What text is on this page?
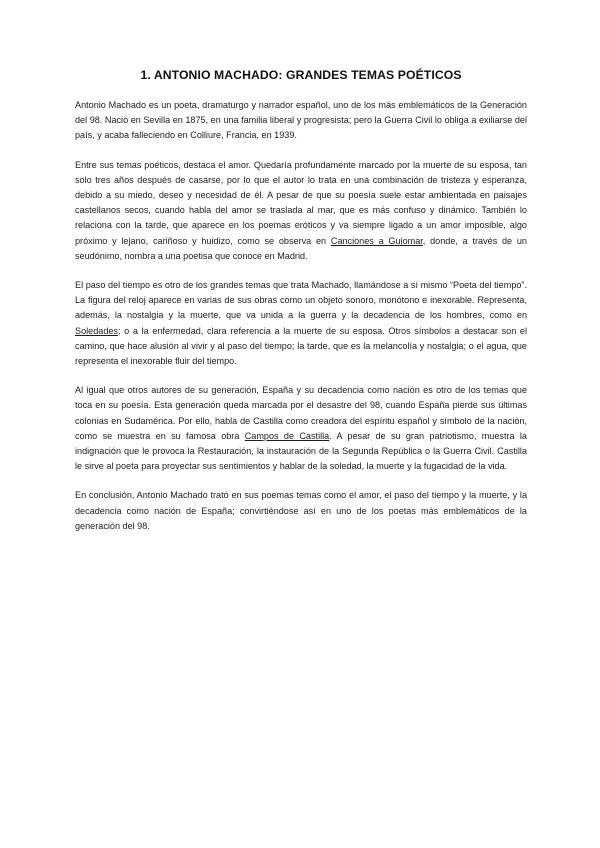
1. ANTONIO MACHADO: GRANDES TEMAS POÉTICOS

Antonio Machado es un poeta, dramaturgo y narrador español, uno de los más emblemáticos de la Generación del 98. Nació en Sevilla en 1875, en una familia liberal y progresista; pero la Guerra Civil lo obliga a exiliarse del país, y acaba falleciendo en Colliure, Francia, en 1939.

Entre sus temas poéticos, destaca el amor. Quedaría profundamente marcado por la muerte de su esposa, tan solo tres años después de casarse, por lo que el autor lo trata en una combinación de tristeza y esperanza, debido a su miedo, deseo y necesidad de él. A pesar de que su poesía suele estar ambientada en paisajes castellanos secos, cuando habla del amor se traslada al mar, que es más confuso y dinámico. También lo relaciona con la tarde, que aparece en los poemas eróticos y va siempre ligado a un amor imposible, algo próximo y lejano, cariñoso y huidizo, como se observa en Canciones a Guiomar, donde, a través de un seudónimo, nombra a una poetisa que conoce en Madrid.

El paso del tiempo es otro de los grandes temas que trata Machado, llamándose a sí mismo “Poeta del tiempo”. La figura del reloj aparece en varias de sus obras como un objeto sonoro, monótono e inexorable. Representa, además, la nostalgia y la muerte, que va unida a la guerra y la decadencia de los hombres, como en Soledades; o a la enfermedad, clara referencia a la muerte de su esposa. Otros símbolos a destacar son el camino, que hace alusión al vivir y al paso del tiempo; la tarde, que es la melancolía y nostalgia; o el agua, que representa el inexorable fluir del tiempo.

Al igual que otros autores de su generación, España y su decadencia como nación es otro de los temas que toca en su poesía. Esta generación queda marcada por el desastre del 98, cuando España pierde sus últimas colonias en Sudamérica. Por ello, habla de Castilla como creadora del espíritu español y símbolo de la nación, como se muestra en su famosa obra Campos de Castilla. A pesar de su gran patriotismo, muestra la indignación que le provoca la Restauración, la instauración de la Segunda República o la Guerra Civil. Castilla le sirve al poeta para proyectar sus sentimientos y hablar de la soledad, la muerte y la fugacidad de la vida.

En conclusión, Antonio Machado trató en sus poemas temas como el amor, el paso del tiempo y la muerte, y la decadencia como nación de España; convirtiéndose así en uno de los poetas más emblemáticos de la generación del 98.
